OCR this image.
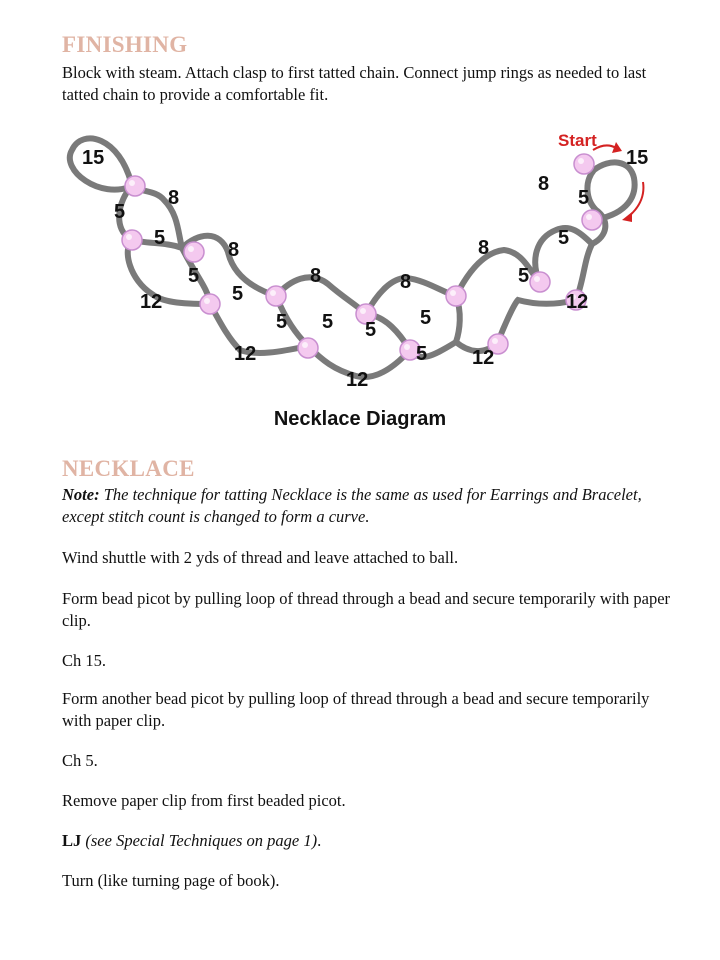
FINISHING

Block with steam. Attach clasp to first tatted chain. Connect jump rings as needed to last tatted chain to provide a comfortable fit.

Start
15
5
8
5
5
12
8
5
5
12
8
5 5
12
8
5
5 12
8
5
5
12
8
5
15
Necklace Diagram
NECKLACE

Note: The technique for tatting Necklace is the same as used for Earrings and Bracelet, except stitch count is changed to form a curve.

Wind shuttle with 2 yds of thread and leave attached to ball.

Form bead picot by pulling loop of thread through a bead and secure temporarily with paper clip.

Ch 15.

Form another bead picot by pulling loop of thread through a bead and secure temporarily with paper clip.

Ch 5.

Remove paper clip from first beaded picot.

LJ (see Special Techniques on page 1).

Turn (like turning page of book).
